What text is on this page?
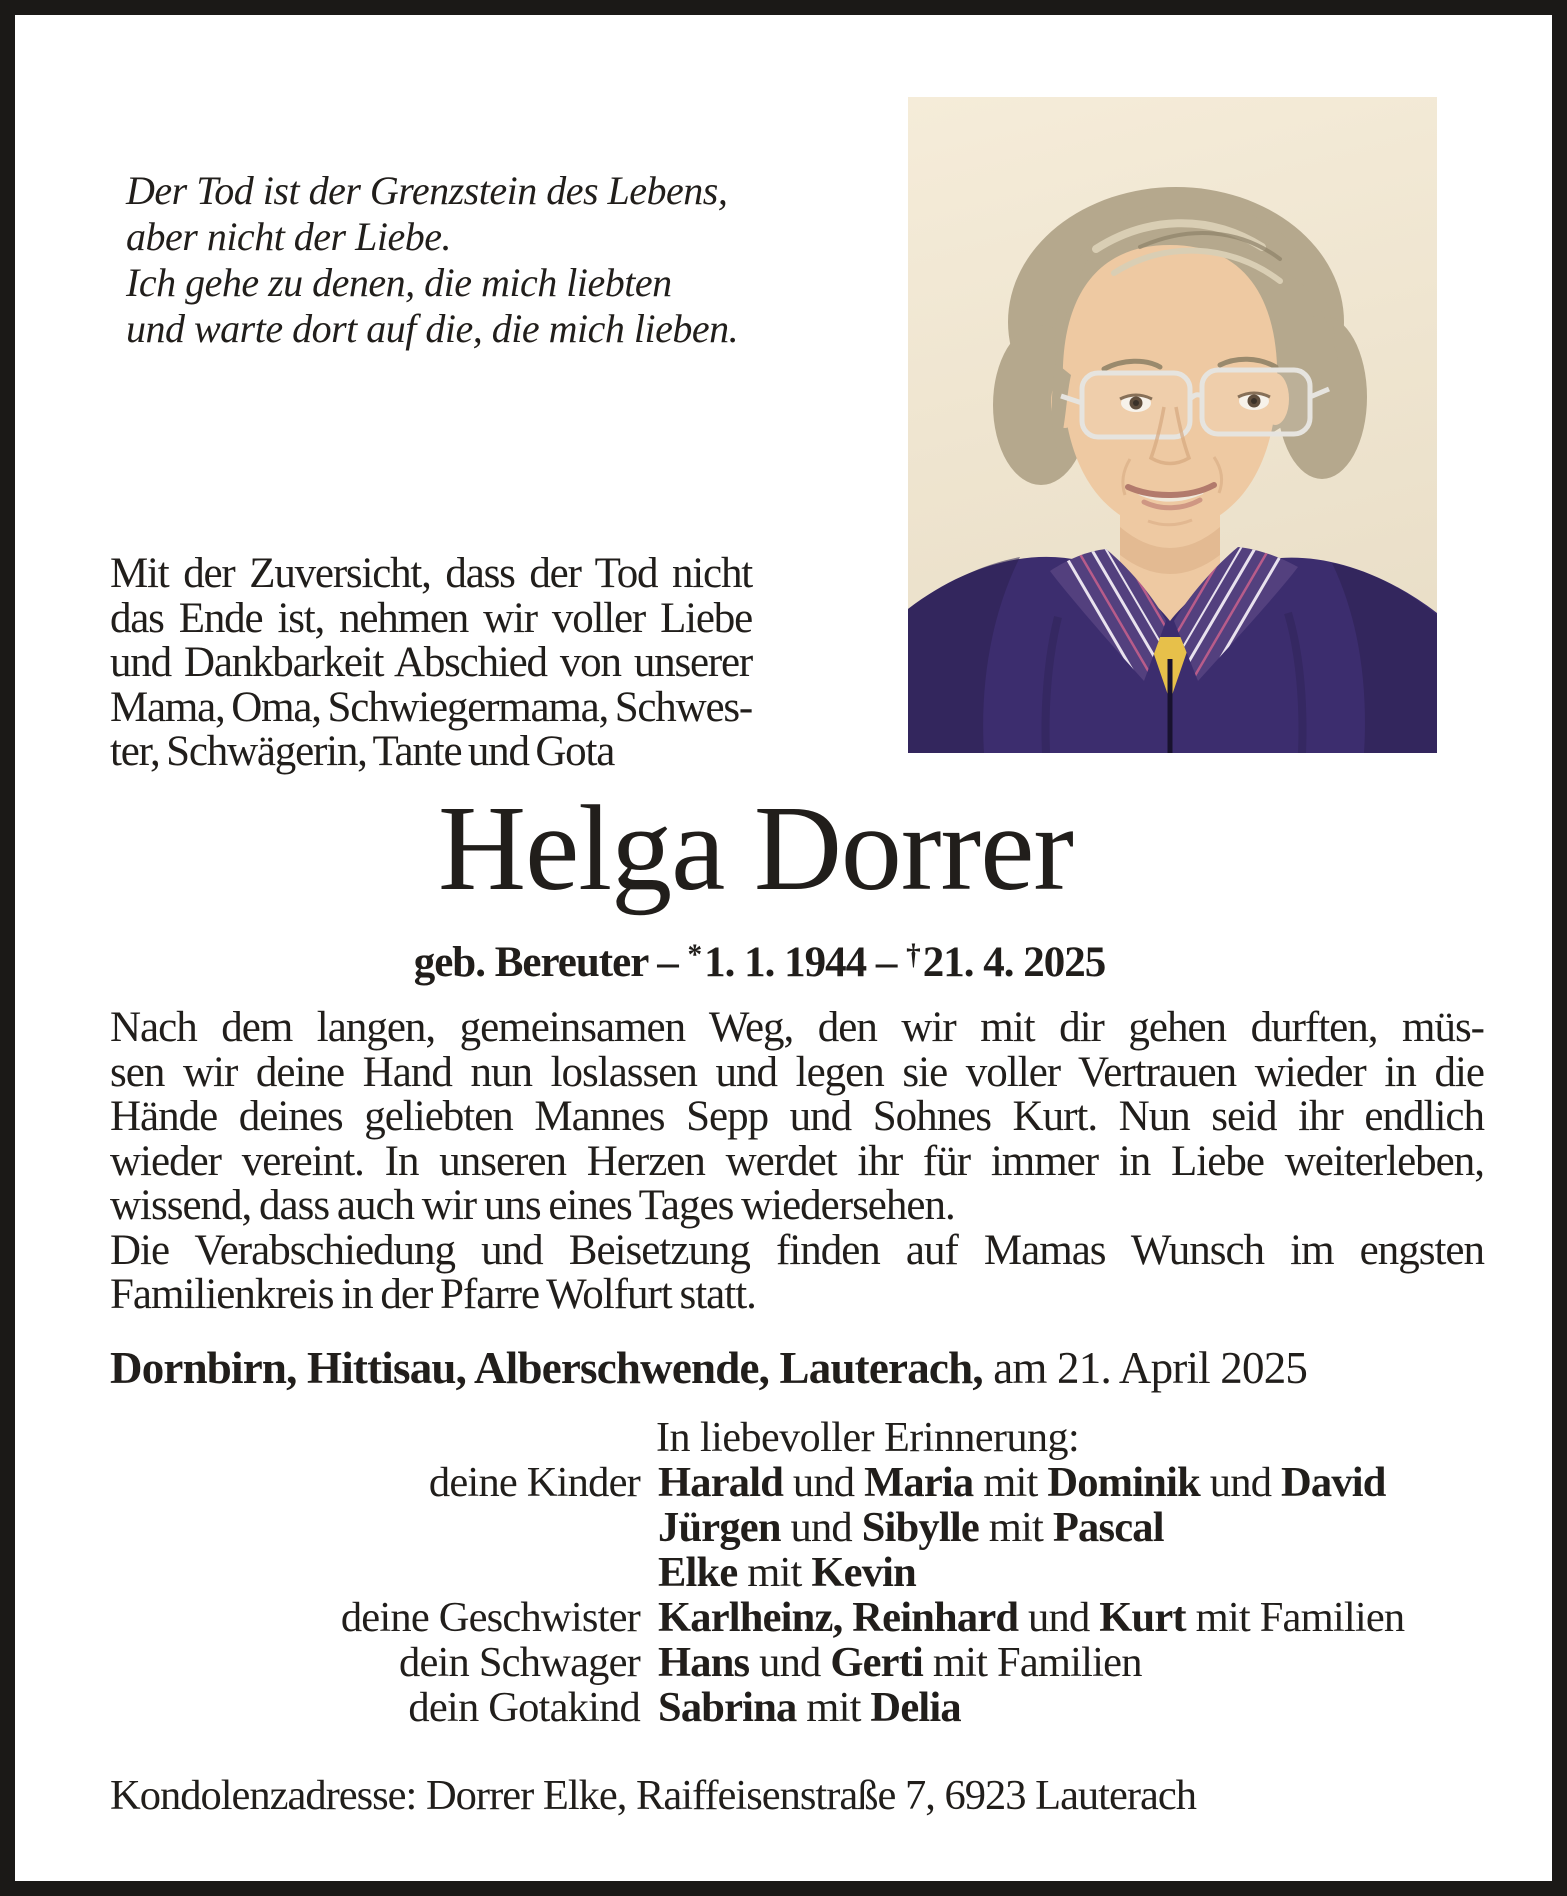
Der Tod ist der Grenzstein des Lebens,
aber nicht der Liebe.
Ich gehe zu denen, die mich liebten
und warte dort auf die, die mich lieben.
Mit der Zuversicht, dass der Tod nicht
das Ende ist, nehmen wir voller Liebe
und Dankbarkeit Abschied von unserer
Mama, Oma, Schwiegermama, Schwes-
ter, Schwägerin, Tante und Gota
Helga Dorrer
geb. Bereuter – *1. 1. 1944 – †21. 4. 2025
Nach dem langen, gemeinsamen Weg, den wir mit dir gehen durften, müs-
sen wir deine Hand nun loslassen und legen sie voller Vertrauen wieder in die
Hände deines geliebten Mannes Sepp und Sohnes Kurt. Nun seid ihr endlich
wieder vereint. In unseren Herzen werdet ihr für immer in Liebe weiterleben,
wissend, dass auch wir uns eines Tages wiedersehen.
Die Verabschiedung und Beisetzung finden auf Mamas Wunsch im engsten
Familienkreis in der Pfarre Wolfurt statt.
Dornbirn, Hittisau, Alberschwende, Lauterach, am 21. April 2025
In liebevoller Erinnerung:
deine Kinder Harald und Maria mit Dominik und David
Jürgen und Sibylle mit Pascal
Elke mit Kevin
deine Geschwister Karlheinz, Reinhard und Kurt mit Familien
dein Schwager Hans und Gerti mit Familien
dein Gotakind Sabrina mit Delia
Kondolenzadresse: Dorrer Elke, Raiffeisenstraße 7, 6923 Lauterach
